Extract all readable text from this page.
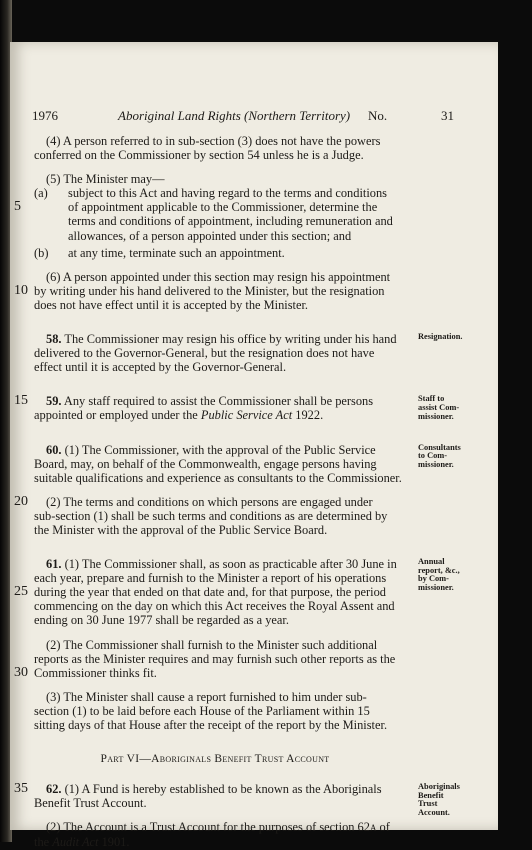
1976	Aboriginal Land Rights (Northern Territory) No.	31

(4) A person referred to in sub-section (3) does not have the powers

conferred on the Commissioner by section 54 unless he is a Judge.

(5) The Minister may—

(a) subject to this Act and having regard to the terms and conditions

5	of appointment applicable to the Commissioner, determine the

terms and conditions of appointment, including remuneration and

allowances, of a person appointed under this section; and

(b) at any time, terminate such an appointment.

(6) A person appointed under this section may resign his appointment

10 by writing under his hand delivered to the Minister, but the resignation

does not have effect until it is accepted by the Minister.

Resignation.

58. The Commissioner may resign his office by writing under his hand

delivered to the Governor-General, but the resignation does not have

effect until it is accepted by the Governor-General.

Staff to
assist Com-
missioner.

15 59. Any staff required to assist the Commissioner shall be persons

appointed or employed under the Public Service Act 1922.

Consultants
to Com-
missioner.

60. (1) The Commissioner, with the approval of the Public Service

Board, may, on behalf of the Commonwealth, engage persons having

suitable qualifications and experience as consultants to the Commissioner.

20 (2) The terms and conditions on which persons are engaged under

sub-section (1) shall be such terms and conditions as are determined by

the Minister with the approval of the Public Service Board.

Annual
report, &c.,
by Com-
missioner.

61. (1) The Commissioner shall, as soon as practicable after 30 June in

each year, prepare and furnish to the Minister a report of his operations

25 during the year that ended on that date and, for that purpose, the period

commencing on the day on which this Act receives the Royal Assent and

ending on 30 June 1977 shall be regarded as a year.

(2) The Commissioner shall furnish to the Minister such additional

reports as the Minister requires and may furnish such other reports as the

30 Commissioner thinks fit.

(3) The Minister shall cause a report furnished to him under sub-

section (1) to be laid before each House of the Parliament within 15

sitting days of that House after the receipt of the report by the Minister.

Part VI—Aboriginals Benefit Trust Account

Aboriginals
Benefit
Trust
Account.

35 62. (1) A Fund is hereby established to be known as the Aboriginals

Benefit Trust Account.

(2) The Account is a Trust Account for the purposes of section 62A of

the Audit Act 1901.
